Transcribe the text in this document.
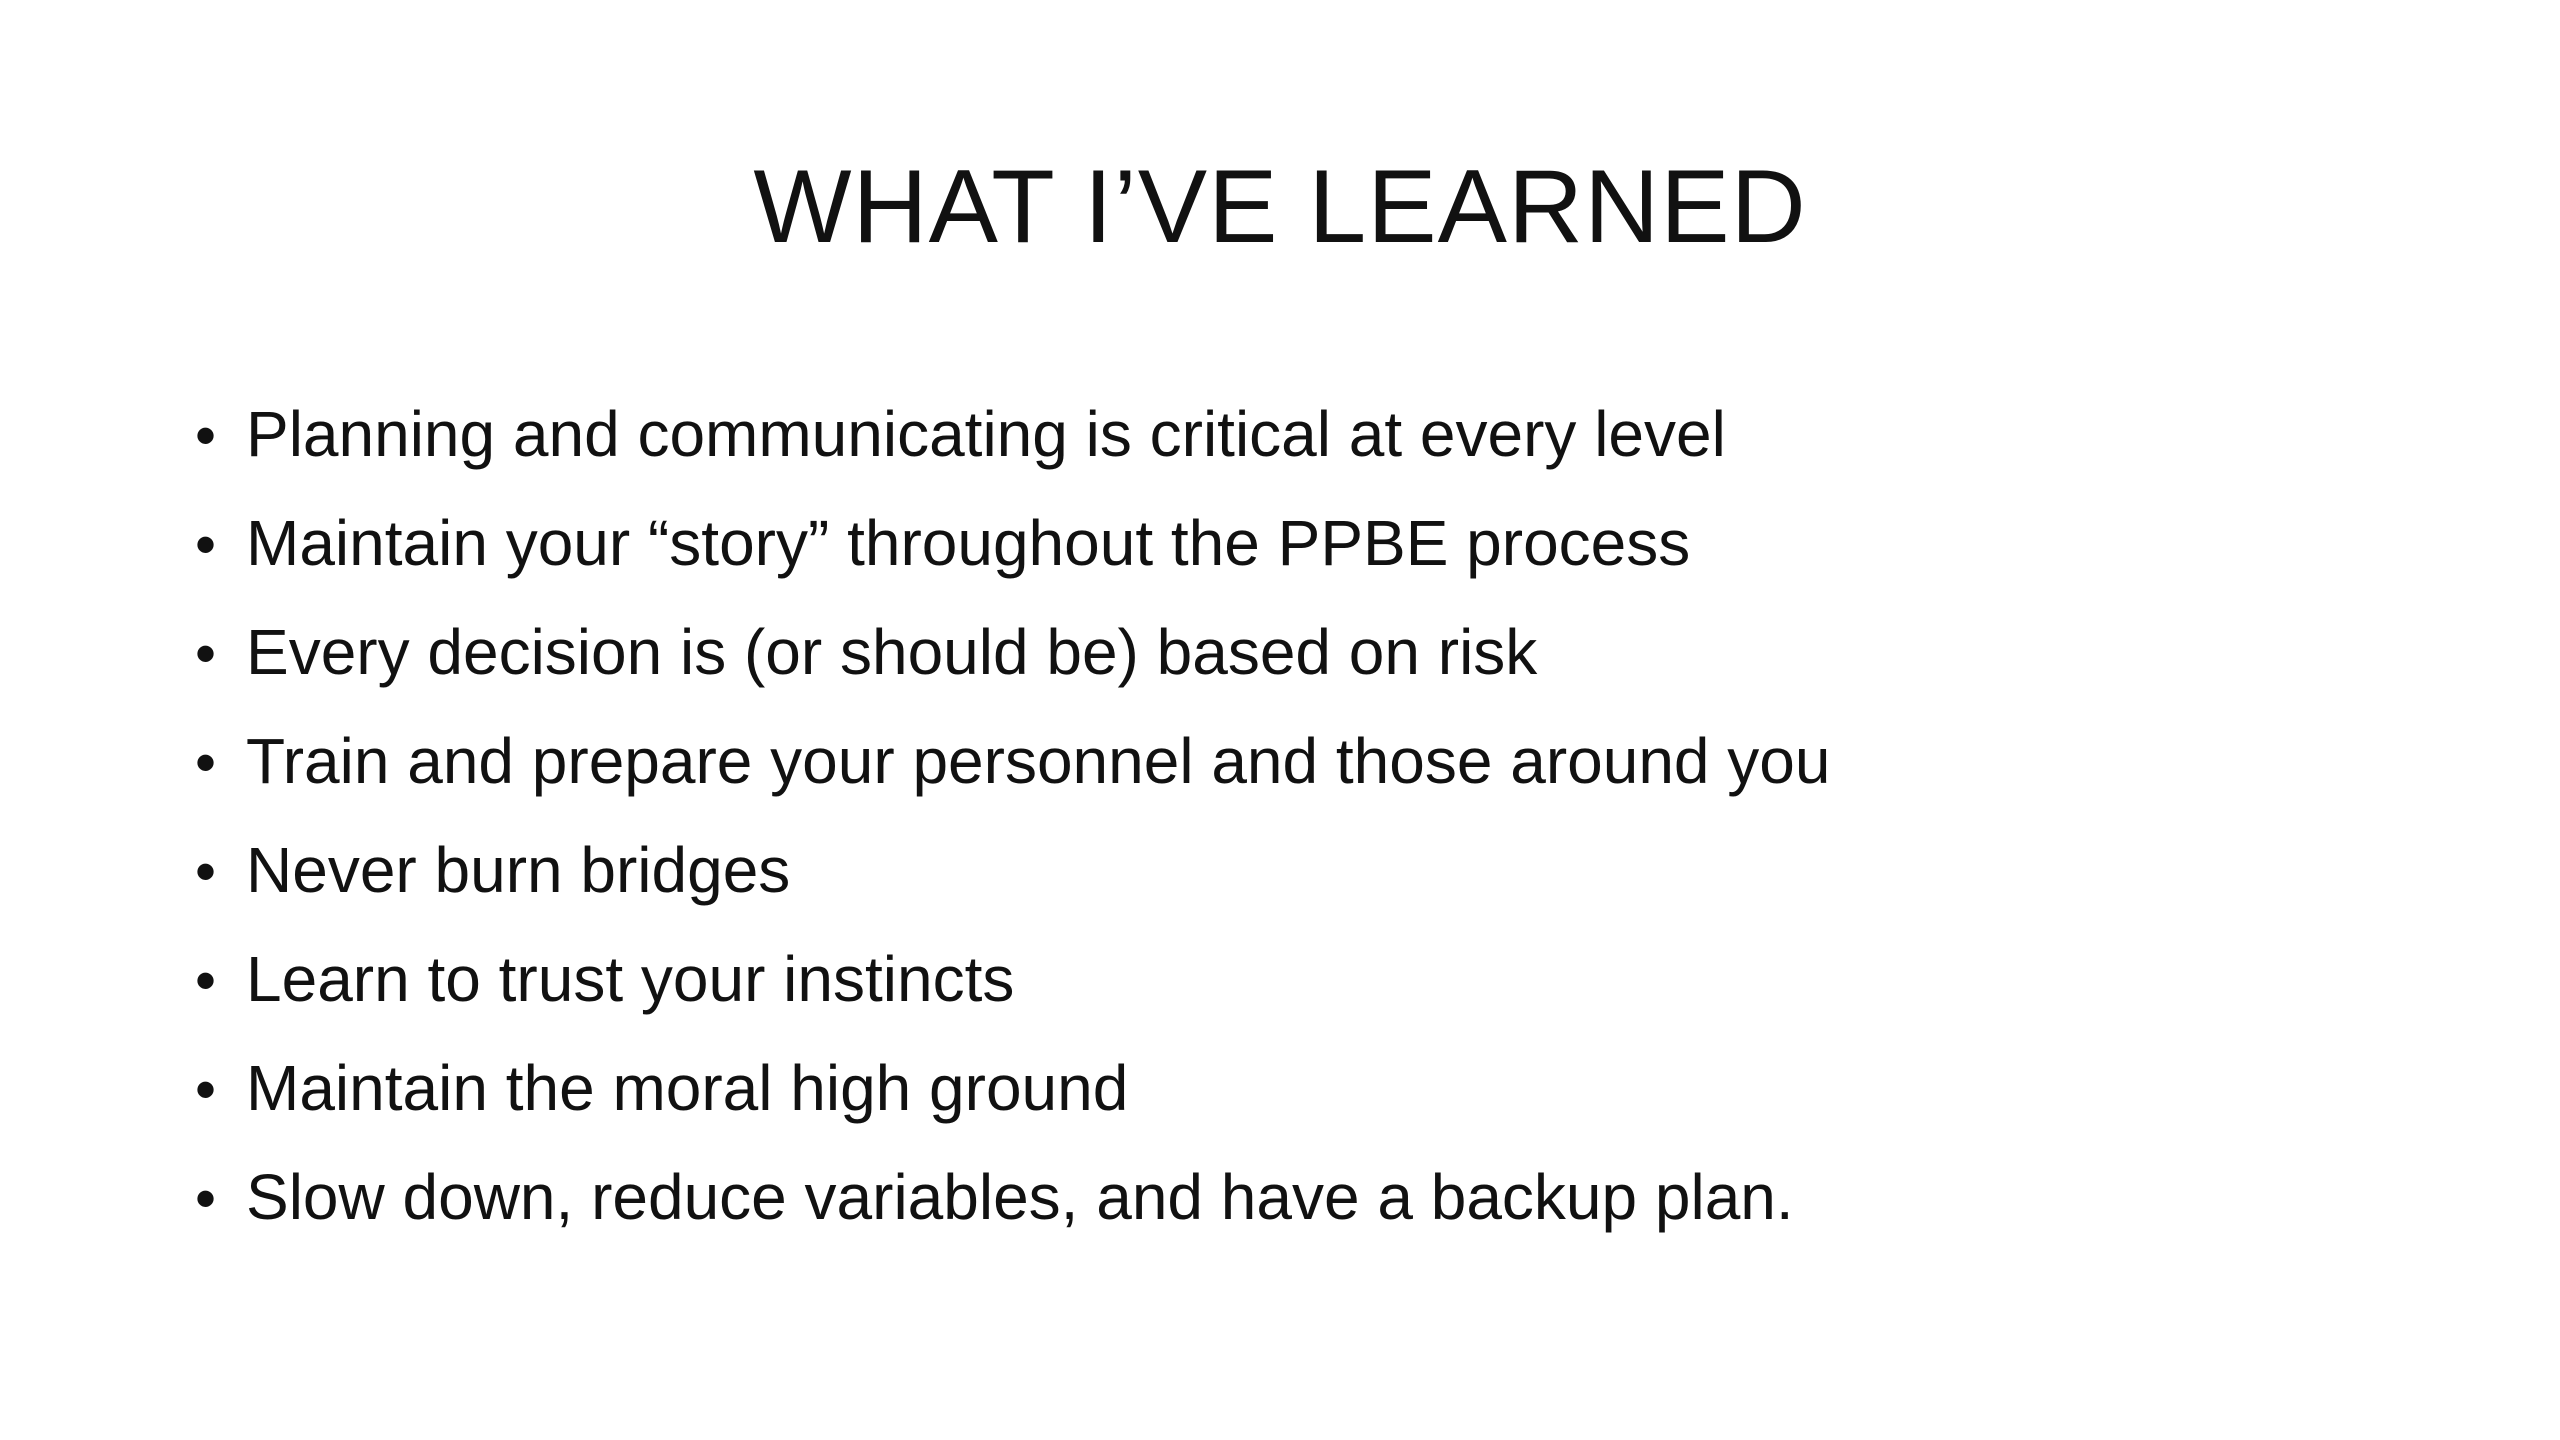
WHAT I’VE LEARNED
• Planning and communicating is critical at every level
• Maintain your “story” throughout the PPBE process
• Every decision is (or should be) based on risk
• Train and prepare your personnel and those around you
• Never burn bridges
• Learn to trust your instincts
• Maintain the moral high ground
• Slow down, reduce variables, and have a backup plan.
